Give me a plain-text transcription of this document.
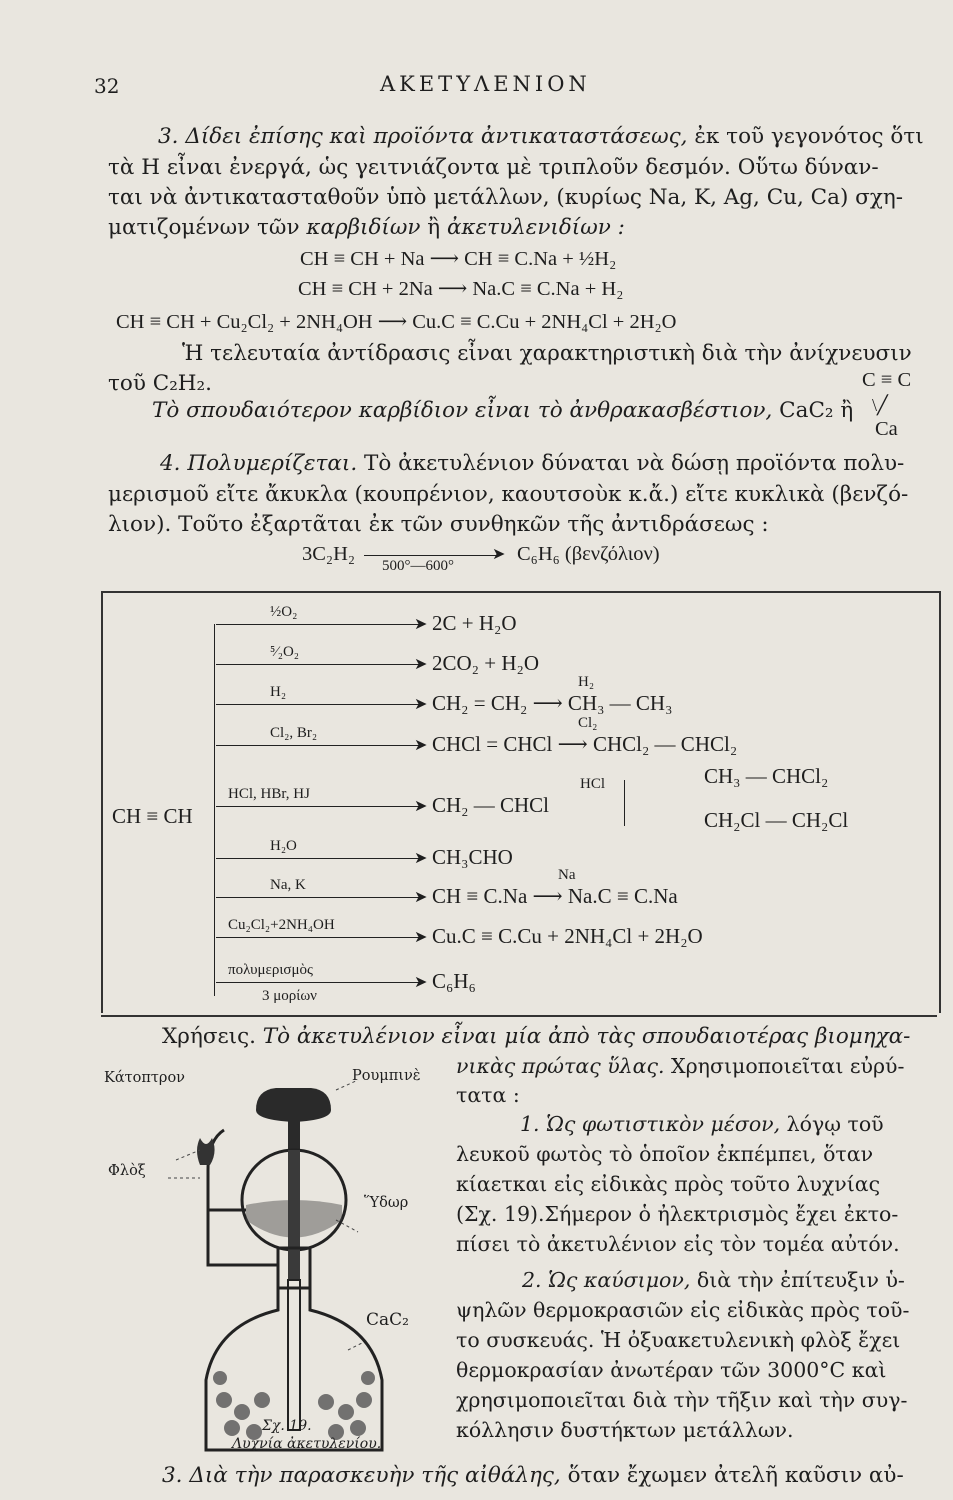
32	ΑΚΕΤΥΛΕΝΙΟΝ
3. Δίδει ἐπίσης καὶ προϊόντα ἀντικαταστάσεως, ἐκ τοῦ γεγονότος ὅτι
τὰ H εἶναι ἐνεργά, ὡς γειτνιάζοντα μὲ τριπλοῦν δεσμόν. Οὕτω δύναν-
ται νὰ ἀντικατασταθοῦν ὑπὸ μετάλλων, (κυρίως Na, K, Ag, Cu, Ca) σχη-
ματιζομένων τῶν καρβιδίων ἢ ἀκετυλενιδίων :
CH ≡ CH + Na ⟶ CH ≡ C.Na + ½H₂
CH ≡ CH + 2Na ⟶ Na.C ≡ C.Na + H₂
CH ≡ CH + Cu₂Cl₂ + 2NH₄OH ⟶ Cu.C ≡ C.Cu + 2NH₄Cl + 2H₂O
Ἡ τελευταία ἀντίδρασις εἶναι χαρακτηριστικὴ διὰ τὴν ἀνίχνευσιν
τοῦ C₂H₂.	C ≡ C
Τὸ σπουδαιότερον καρβίδιον εἶναι τὸ ἀνθρακασβέστιον, CaC₂ ἢ \╱
Ca
4. Πολυμερίζεται. Τὸ ἀκετυλένιον δύναται νὰ δώσῃ προϊόντα πολυ-
μερισμοῦ εἴτε ἄκυκλα (κουπρένιον, καουτσοὺκ κ.ἄ.) εἴτε κυκλικὰ (βενζό-
λιον). Τοῦτο ἐξαρτᾶται ἐκ τῶν συνθηκῶν τῆς ἀντιδράσεως :
3C₂H₂	➤
500°—600°
C₆H₆ (βενζόλιον)
CH ≡ CH
½O₂
➤ 2C + H₂O
⁵⁄₂O₂
➤ 2CO₂ + H₂O
H₂
➤ CH₂ = CH₂ ⟶ CH₃ — CH₃
H₂
Cl₂, Br₂
➤ CHCl = CHCl ⟶ CHCl₂ — CHCl₂
Cl₂
HCl, HBr, HJ
➤ CH₂ — CHCl
HCl	CH₃ — CHCl₂
CH₂Cl — CH₂Cl
H₂O
➤ CH₃CHO
Na, K
➤ CH ≡ C.Na ⟶ Na.C ≡ C.Na
Na
Cu₂Cl₂+2NH₄OH
➤ Cu.C ≡ C.Cu + 2NH₄Cl + 2H₂O
πολυμερισμὸς
3 μορίων
➤ C₆H₆
Κάτοπτρον	Ρουμπινὲ
Φλὸξ
Ὕδωρ
CaC₂
Σχ. 19.
Λυχνία ἀκετυλενίου.
Χρήσεις. Τὸ ἀκετυλένιον εἶναι μία ἀπὸ τὰς σπουδαιοτέρας βιομηχα-
νικὰς πρώτας ὕλας. Χρησιμοποιεῖται εὐρύ-
τατα :
1. Ὡς φωτιστικὸν μέσον, λόγῳ τοῦ
λευκοῦ φωτὸς τὸ ὁποῖον ἐκπέμπει, ὅταν
κίαετκαι εἰς εἰδικὰς πρὸς τοῦτο λυχνίας
(Σχ. 19).Σήμερον ὁ ἠλεκτρισμὸς ἔχει ἐκτο-
πίσει τὸ ἀκετυλένιον εἰς τὸν τομέα αὐτόν.
2. Ὡς καύσιμον, διὰ τὴν ἐπίτευξιν ὑ-
ψηλῶν θερμοκρασιῶν εἰς εἰδικὰς πρὸς τοῦ-
το συσκευάς. Ἡ ὀξυακετυλενικὴ φλὸξ ἔχει
θερμοκρασίαν ἀνωτέραν τῶν 3000°C καὶ
χρησιμοποιεῖται διὰ τὴν τῆξιν καὶ τὴν συγ-
κόλλησιν δυστήκτων μετάλλων.
3. Διὰ τὴν παρασκευὴν τῆς αἰθάλης, ὅταν ἔχωμεν ἀτελῆ καῦσιν αὐ-
